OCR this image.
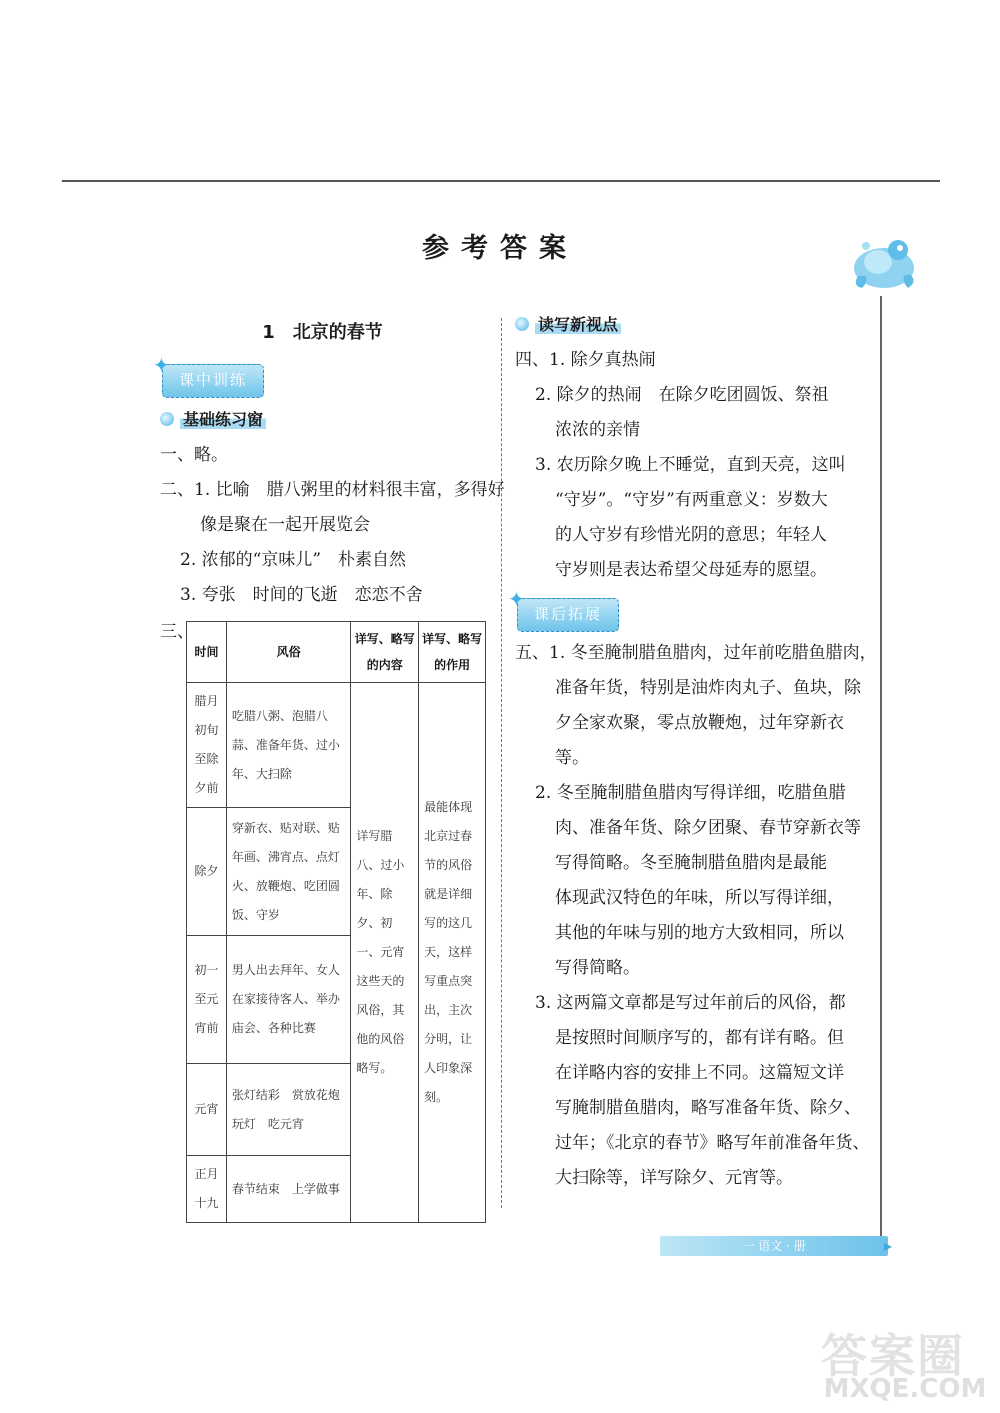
参考答案
1 北京的春节
✦
课中训练
基础练习窗
一、略。
二、1. 比喻　腊八粥里的材料很丰富，多得好
像是聚在一起开展览会
2. 浓郁的“京味儿”　朴素自然
3. 夸张　时间的飞逝　恋恋不舍
三、
时间	风俗	详写、略写的内容	详写、略写的作用
腊月初旬至除夕前	吃腊八粥、泡腊八蒜、准备年货、过小年、大扫除	详写腊八、过小年、除夕、初一、元宵这些天的风俗，其他的风俗略写。	最能体现北京过春节的风俗就是详细写的这几天，这样写重点突出，主次分明，让人印象深刻。
除夕	穿新衣、贴对联、贴年画、沸宵点、点灯火、放鞭炮、吃团圆饭、守岁		
初一至元宵前	男人出去拜年、女人在家接待客人、举办庙会、各种比赛		
元宵	张灯结彩　赏放花炮　玩灯　吃元宵		
正月十九	春节结束　上学做事		
读写新视点
四、1. 除夕真热闹
2. 除夕的热闹　在除夕吃团圆饭、祭祖
浓浓的亲情
3. 农历除夕晚上不睡觉，直到天亮，这叫
“守岁”。“守岁”有两重意义：岁数大
的人守岁有珍惜光阴的意思；年轻人
守岁则是表达希望父母延寿的愿望。
✦
课后拓展
五、1. 冬至腌制腊鱼腊肉，过年前吃腊鱼腊肉，
准备年货，特别是油炸肉丸子、鱼块，除
夕全家欢聚，零点放鞭炮，过年穿新衣
等。
2. 冬至腌制腊鱼腊肉写得详细，吃腊鱼腊
肉、准备年货、除夕团聚、春节穿新衣等
写得简略。冬至腌制腊鱼腊肉是最能
体现武汉特色的年味，所以写得详细，
其他的年味与别的地方大致相同，所以
写得简略。
3. 这两篇文章都是写过年前后的风俗，都
是按照时间顺序写的，都有详有略。但
在详略内容的安排上不同。这篇短文详
写腌制腊鱼腊肉，略写准备年货、除夕、
过年；《北京的春节》略写年前准备年货、
大扫除等，详写除夕、元宵等。
一 语文 · 册	▸
答案圈
MXQE.COM
